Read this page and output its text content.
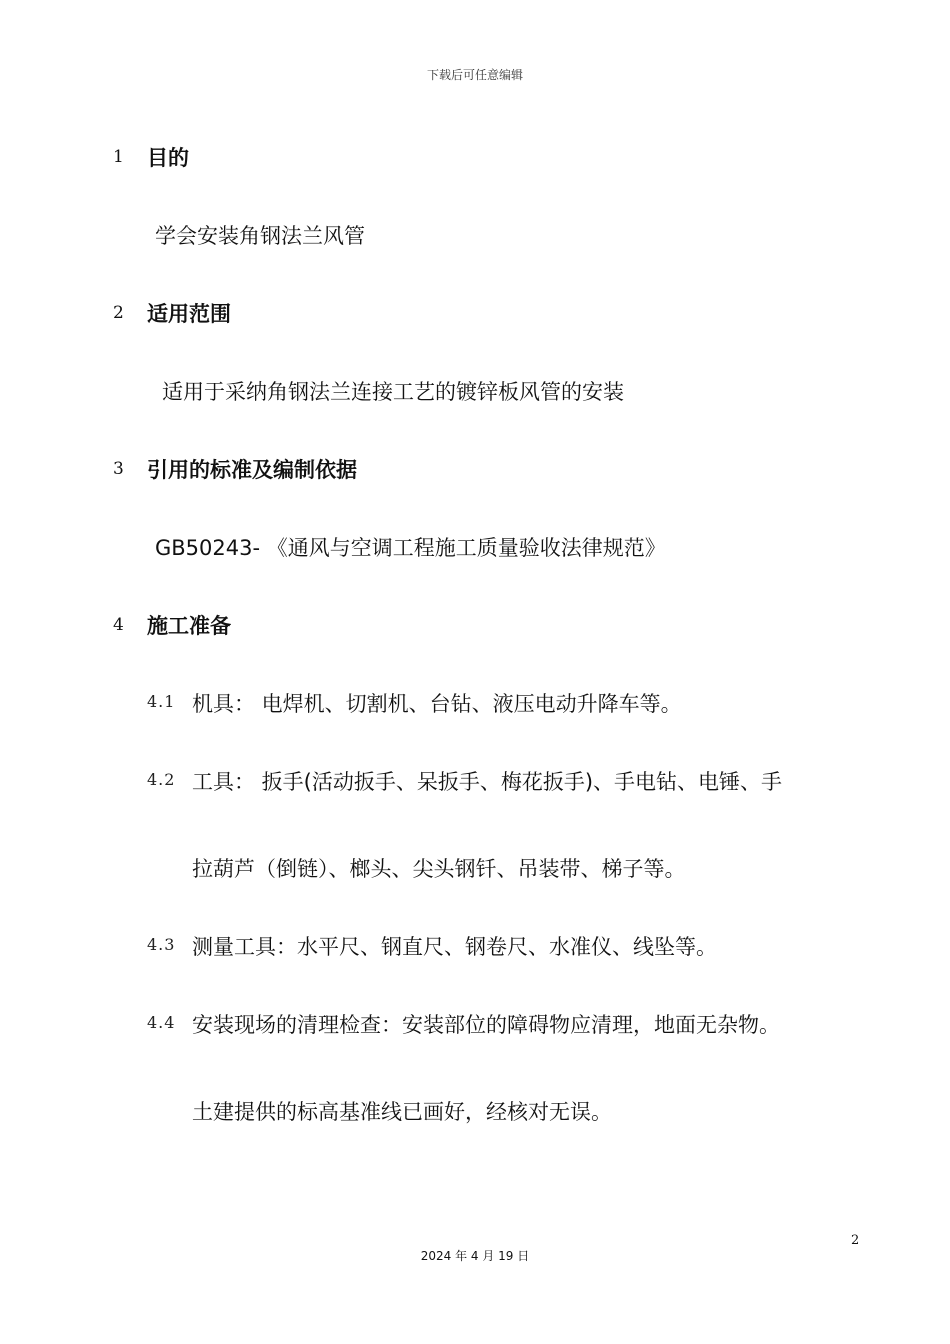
下载后可任意编辑
1 目的
学会安装角钢法兰风管
2 适用范围
适用于采纳角钢法兰连接工艺的镀锌板风管的安装
3 引用的标准及编制依据
GB50243- 《通风与空调工程施工质量验收法律规范》
4 施工准备
4.1 机具： 电焊机、切割机、台钻、液压电动升降车等。
4.2 工具： 扳手(活动扳手、呆扳手、梅花扳手)、手电钻、电锤、手
拉葫芦（倒链）、榔头、尖头钢钎、吊装带、梯子等。
4.3 测量工具：水平尺、钢直尺、钢卷尺、水准仪、线坠等。
4.4 安装现场的清理检查：安装部位的障碍物应清理，地面无杂物。
土建提供的标高基准线已画好，经核对无误。
2
2024 年 4 月 19 日
